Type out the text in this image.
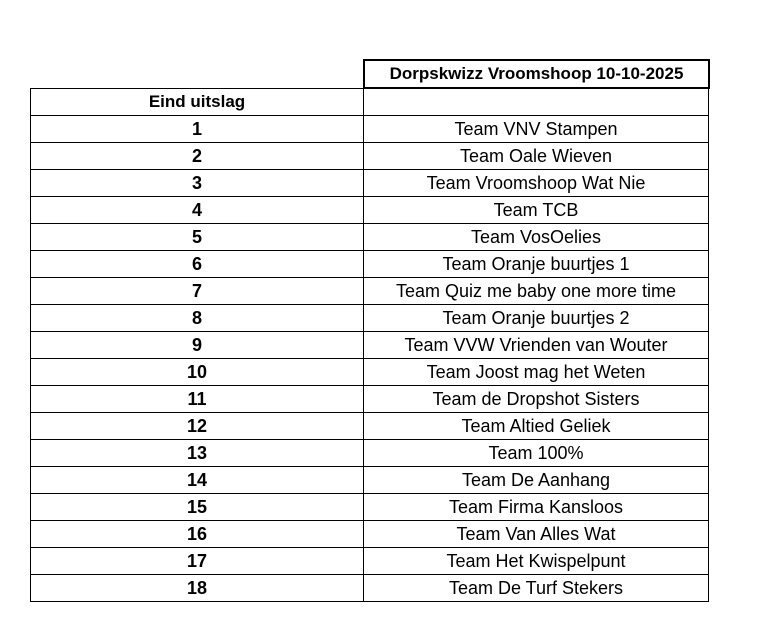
Dorpskwizz Vroomshoop 10-10-2025
Eind uitslag	
1	Team VNV Stampen
2	Team Oale Wieven
3	Team Vroomshoop Wat Nie
4	Team TCB
5	Team VosOelies
6	Team Oranje buurtjes 1
7	Team Quiz me baby one more time
8	Team Oranje buurtjes 2
9	Team VVW Vrienden van Wouter
10	Team Joost mag het Weten
11	Team de Dropshot Sisters
12	Team Altied Geliek
13	Team 100%
14	Team De Aanhang
15	Team Firma Kansloos
16	Team Van Alles Wat
17	Team Het Kwispelpunt
18	Team De Turf Stekers
